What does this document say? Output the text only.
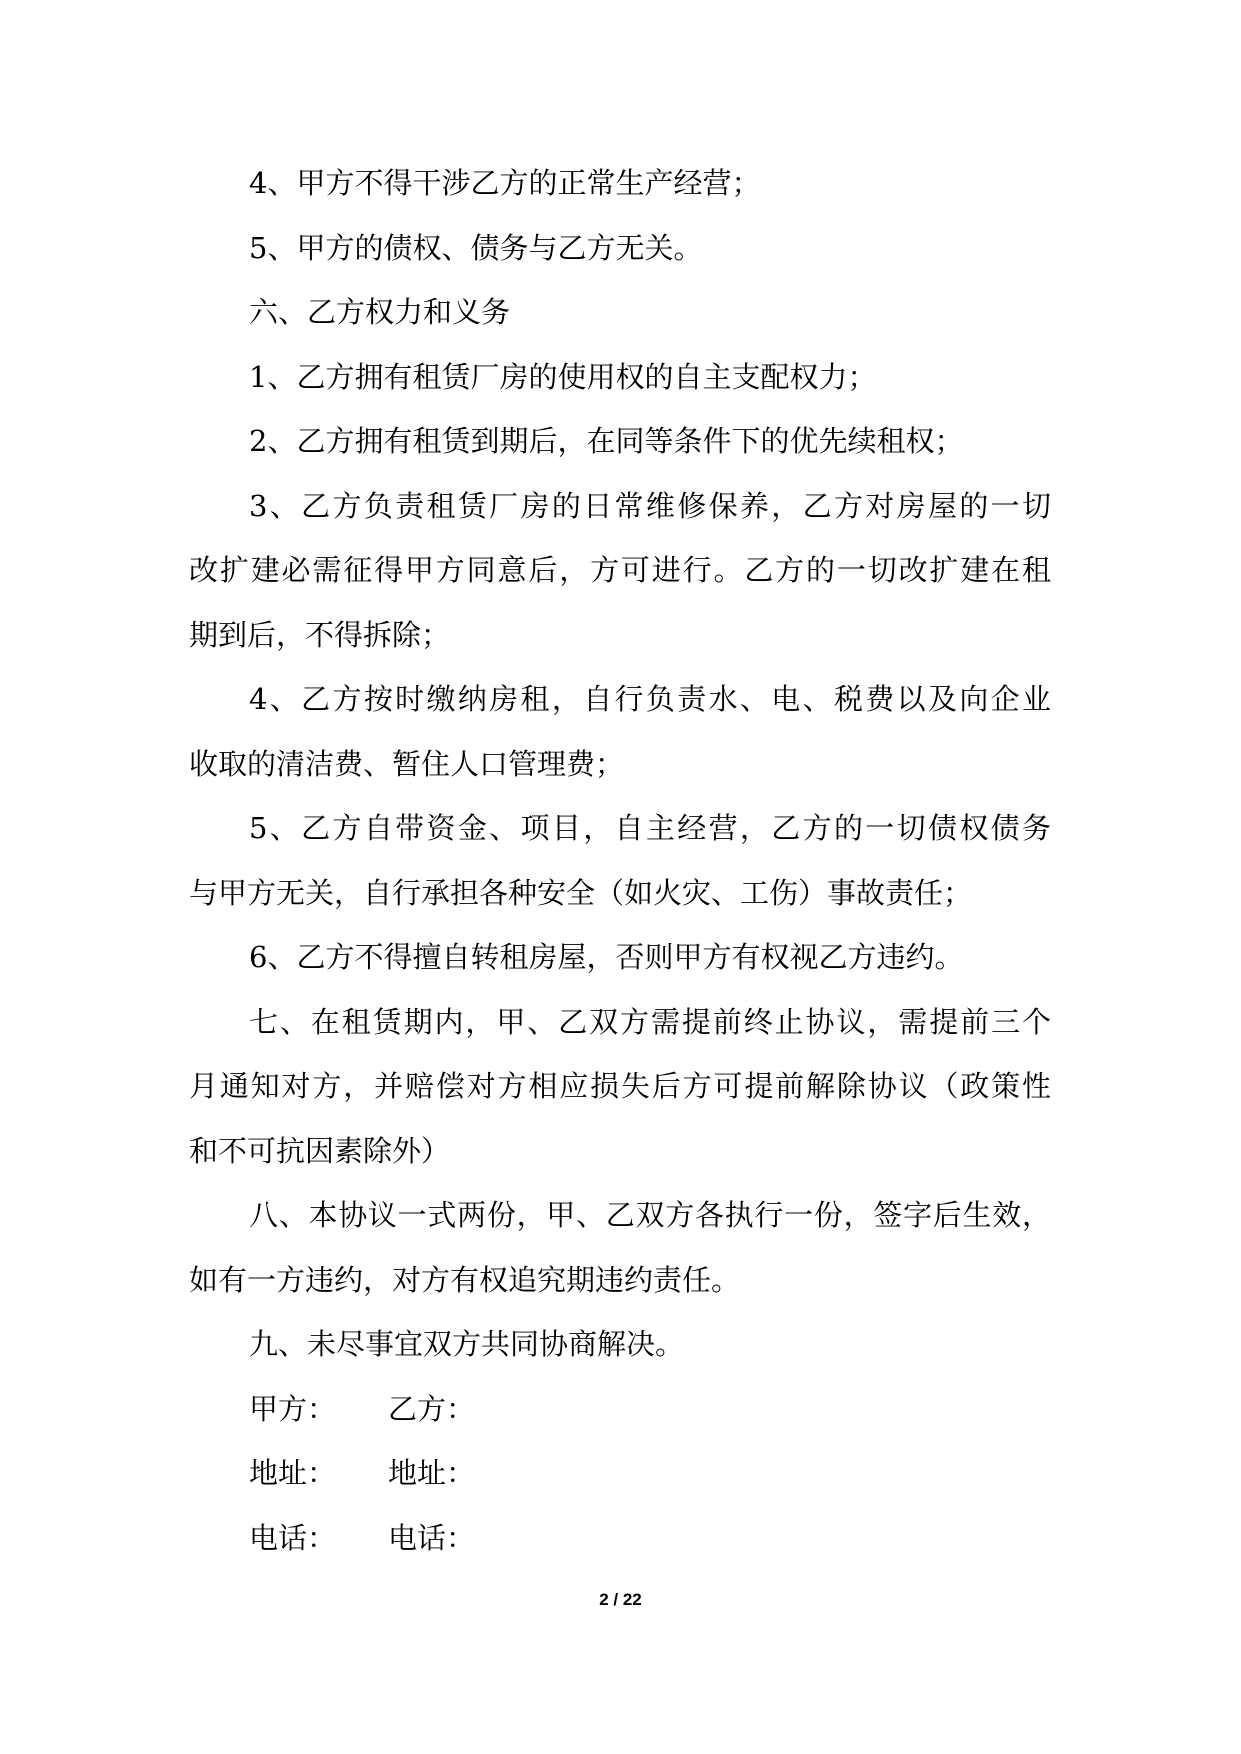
4、甲方不得干涉乙方的正常生产经营；
5、甲方的债权、债务与乙方无关。
六、乙方权力和义务
1、乙方拥有租赁厂房的使用权的自主支配权力；
2、乙方拥有租赁到期后，在同等条件下的优先续租权；
3、乙方负责租赁厂房的日常维修保养，乙方对房屋的一切
改扩建必需征得甲方同意后，方可进行。乙方的一切改扩建在租
期到后，不得拆除；
4、乙方按时缴纳房租，自行负责水、电、税费以及向企业
收取的清洁费、暂住人口管理费；
5、乙方自带资金、项目，自主经营，乙方的一切债权债务
与甲方无关，自行承担各种安全（如火灾、工伤）事故责任；
6、乙方不得擅自转租房屋，否则甲方有权视乙方违约。
七、在租赁期内，甲、乙双方需提前终止协议，需提前三个
月通知对方，并赔偿对方相应损失后方可提前解除协议（政策性
和不可抗因素除外）
八、本协议一式两份，甲、乙双方各执行一份，签字后生效，
如有一方违约，对方有权追究期违约责任。
九、未尽事宜双方共同协商解决。
甲方： 乙方：
地址： 地址：
电话： 电话：
2 / 22
